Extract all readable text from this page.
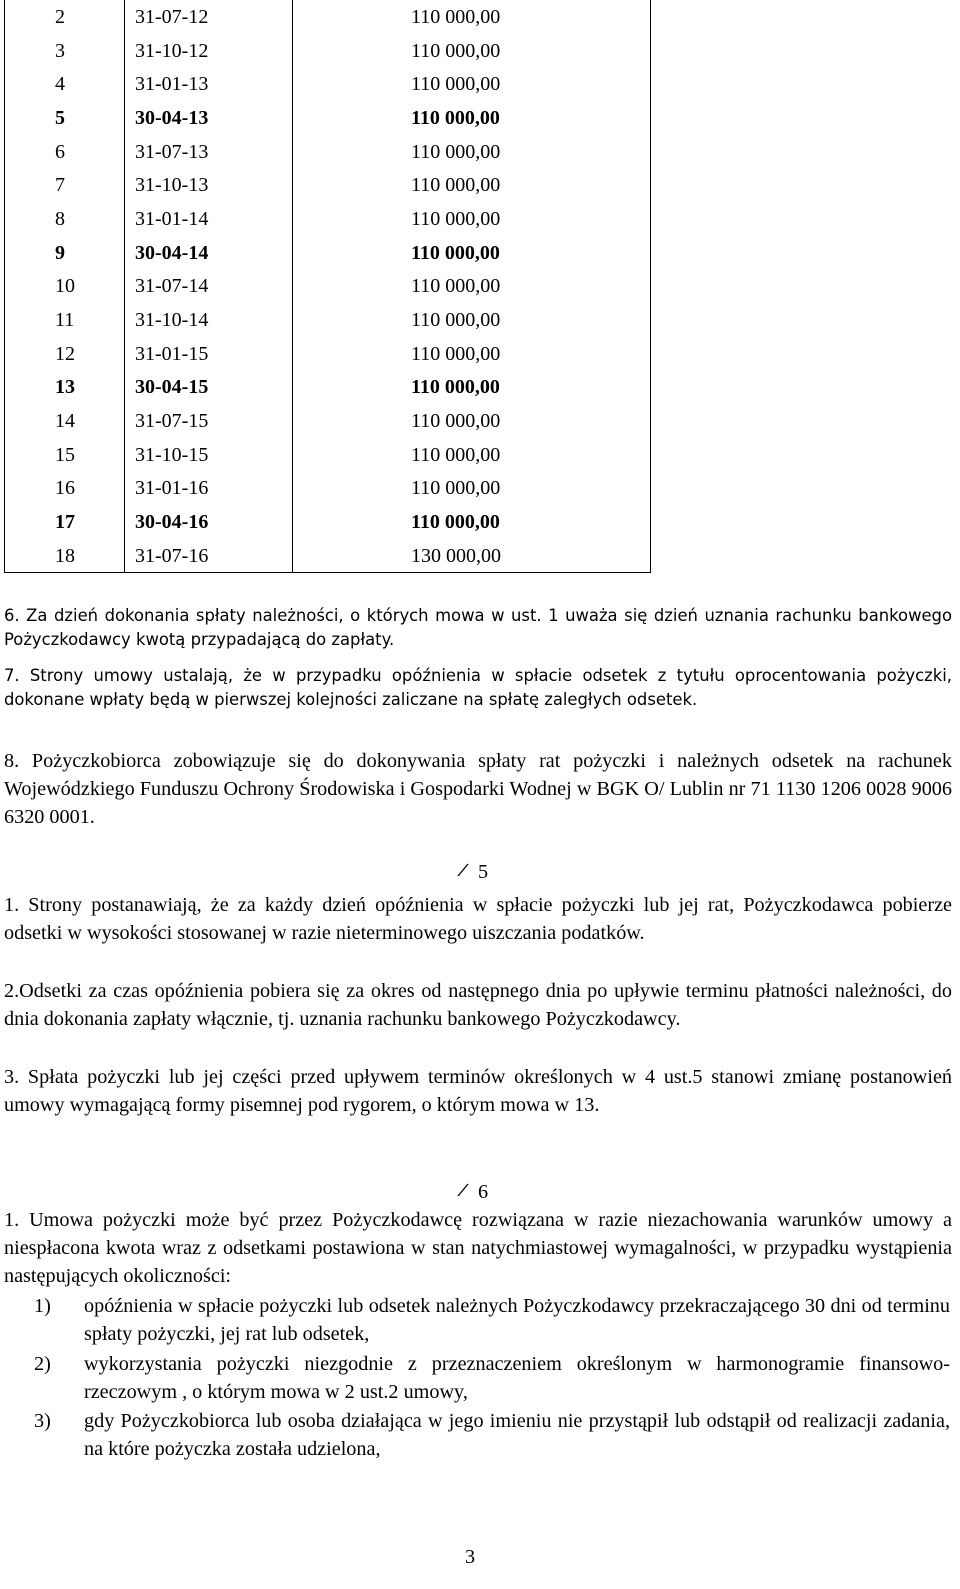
2	31-07-12	110 000,00
3	31-10-12	110 000,00
4	31-01-13	110 000,00
5	30-04-13	110 000,00
6	31-07-13	110 000,00
7	31-10-13	110 000,00
8	31-01-14	110 000,00
9	30-04-14	110 000,00
10	31-07-14	110 000,00
11	31-10-14	110 000,00
12	31-01-15	110 000,00
13	30-04-15	110 000,00
14	31-07-15	110 000,00
15	31-10-15	110 000,00
16	31-01-16	110 000,00
17	30-04-16	110 000,00
18	31-07-16	130 000,00

6. Za dzień dokonania spłaty należności, o których mowa w ust. 1 uważa się dzień uznania rachunku bankowego Pożyczkodawcy kwotą przypadającą do zapłaty.

7. Strony umowy ustalają, że w przypadku opóźnienia w spłacie odsetek z tytułu oprocentowania pożyczki, dokonane wpłaty będą w pierwszej kolejności zaliczane na spłatę zaległych odsetek.

8. Pożyczkobiorca zobowiązuje się do dokonywania spłaty rat pożyczki i należnych odsetek na rachunek Wojewódzkiego Funduszu Ochrony Środowiska i Gospodarki Wodnej w BGK O/ Lublin nr 71 1130 1206 0028 9006 6320 0001.

5

1. Strony postanawiają, że za każdy dzień opóźnienia w spłacie pożyczki lub jej rat, Pożyczkodawca pobierze odsetki w wysokości stosowanej w razie nieterminowego uiszczania podatków.

2.Odsetki za czas opóźnienia pobiera się za okres od następnego dnia po upływie terminu płatności należności, do dnia dokonania zapłaty włącznie, tj. uznania rachunku bankowego Pożyczkodawcy.

3. Spłata pożyczki lub jej części przed upływem terminów określonych w 4 ust.5 stanowi zmianę postanowień umowy wymagającą formy pisemnej pod rygorem, o którym mowa w 13.

6

1. Umowa pożyczki może być przez Pożyczkodawcę rozwiązana w razie niezachowania warunków umowy a niespłacona kwota wraz z odsetkami postawiona w stan natychmiastowej wymagalności, w przypadku wystąpienia następujących okoliczności:

1) opóźnienia w spłacie pożyczki lub odsetek należnych Pożyczkodawcy przekraczającego 30 dni od terminu spłaty pożyczki, jej rat lub odsetek,
2) wykorzystania pożyczki niezgodnie z przeznaczeniem określonym w harmonogramie finansowo-rzeczowym , o którym mowa w 2 ust.2 umowy,
3) gdy Pożyczkobiorca lub osoba działająca w jego imieniu nie przystąpił lub odstąpił od realizacji zadania, na które pożyczka została udzielona,
3
